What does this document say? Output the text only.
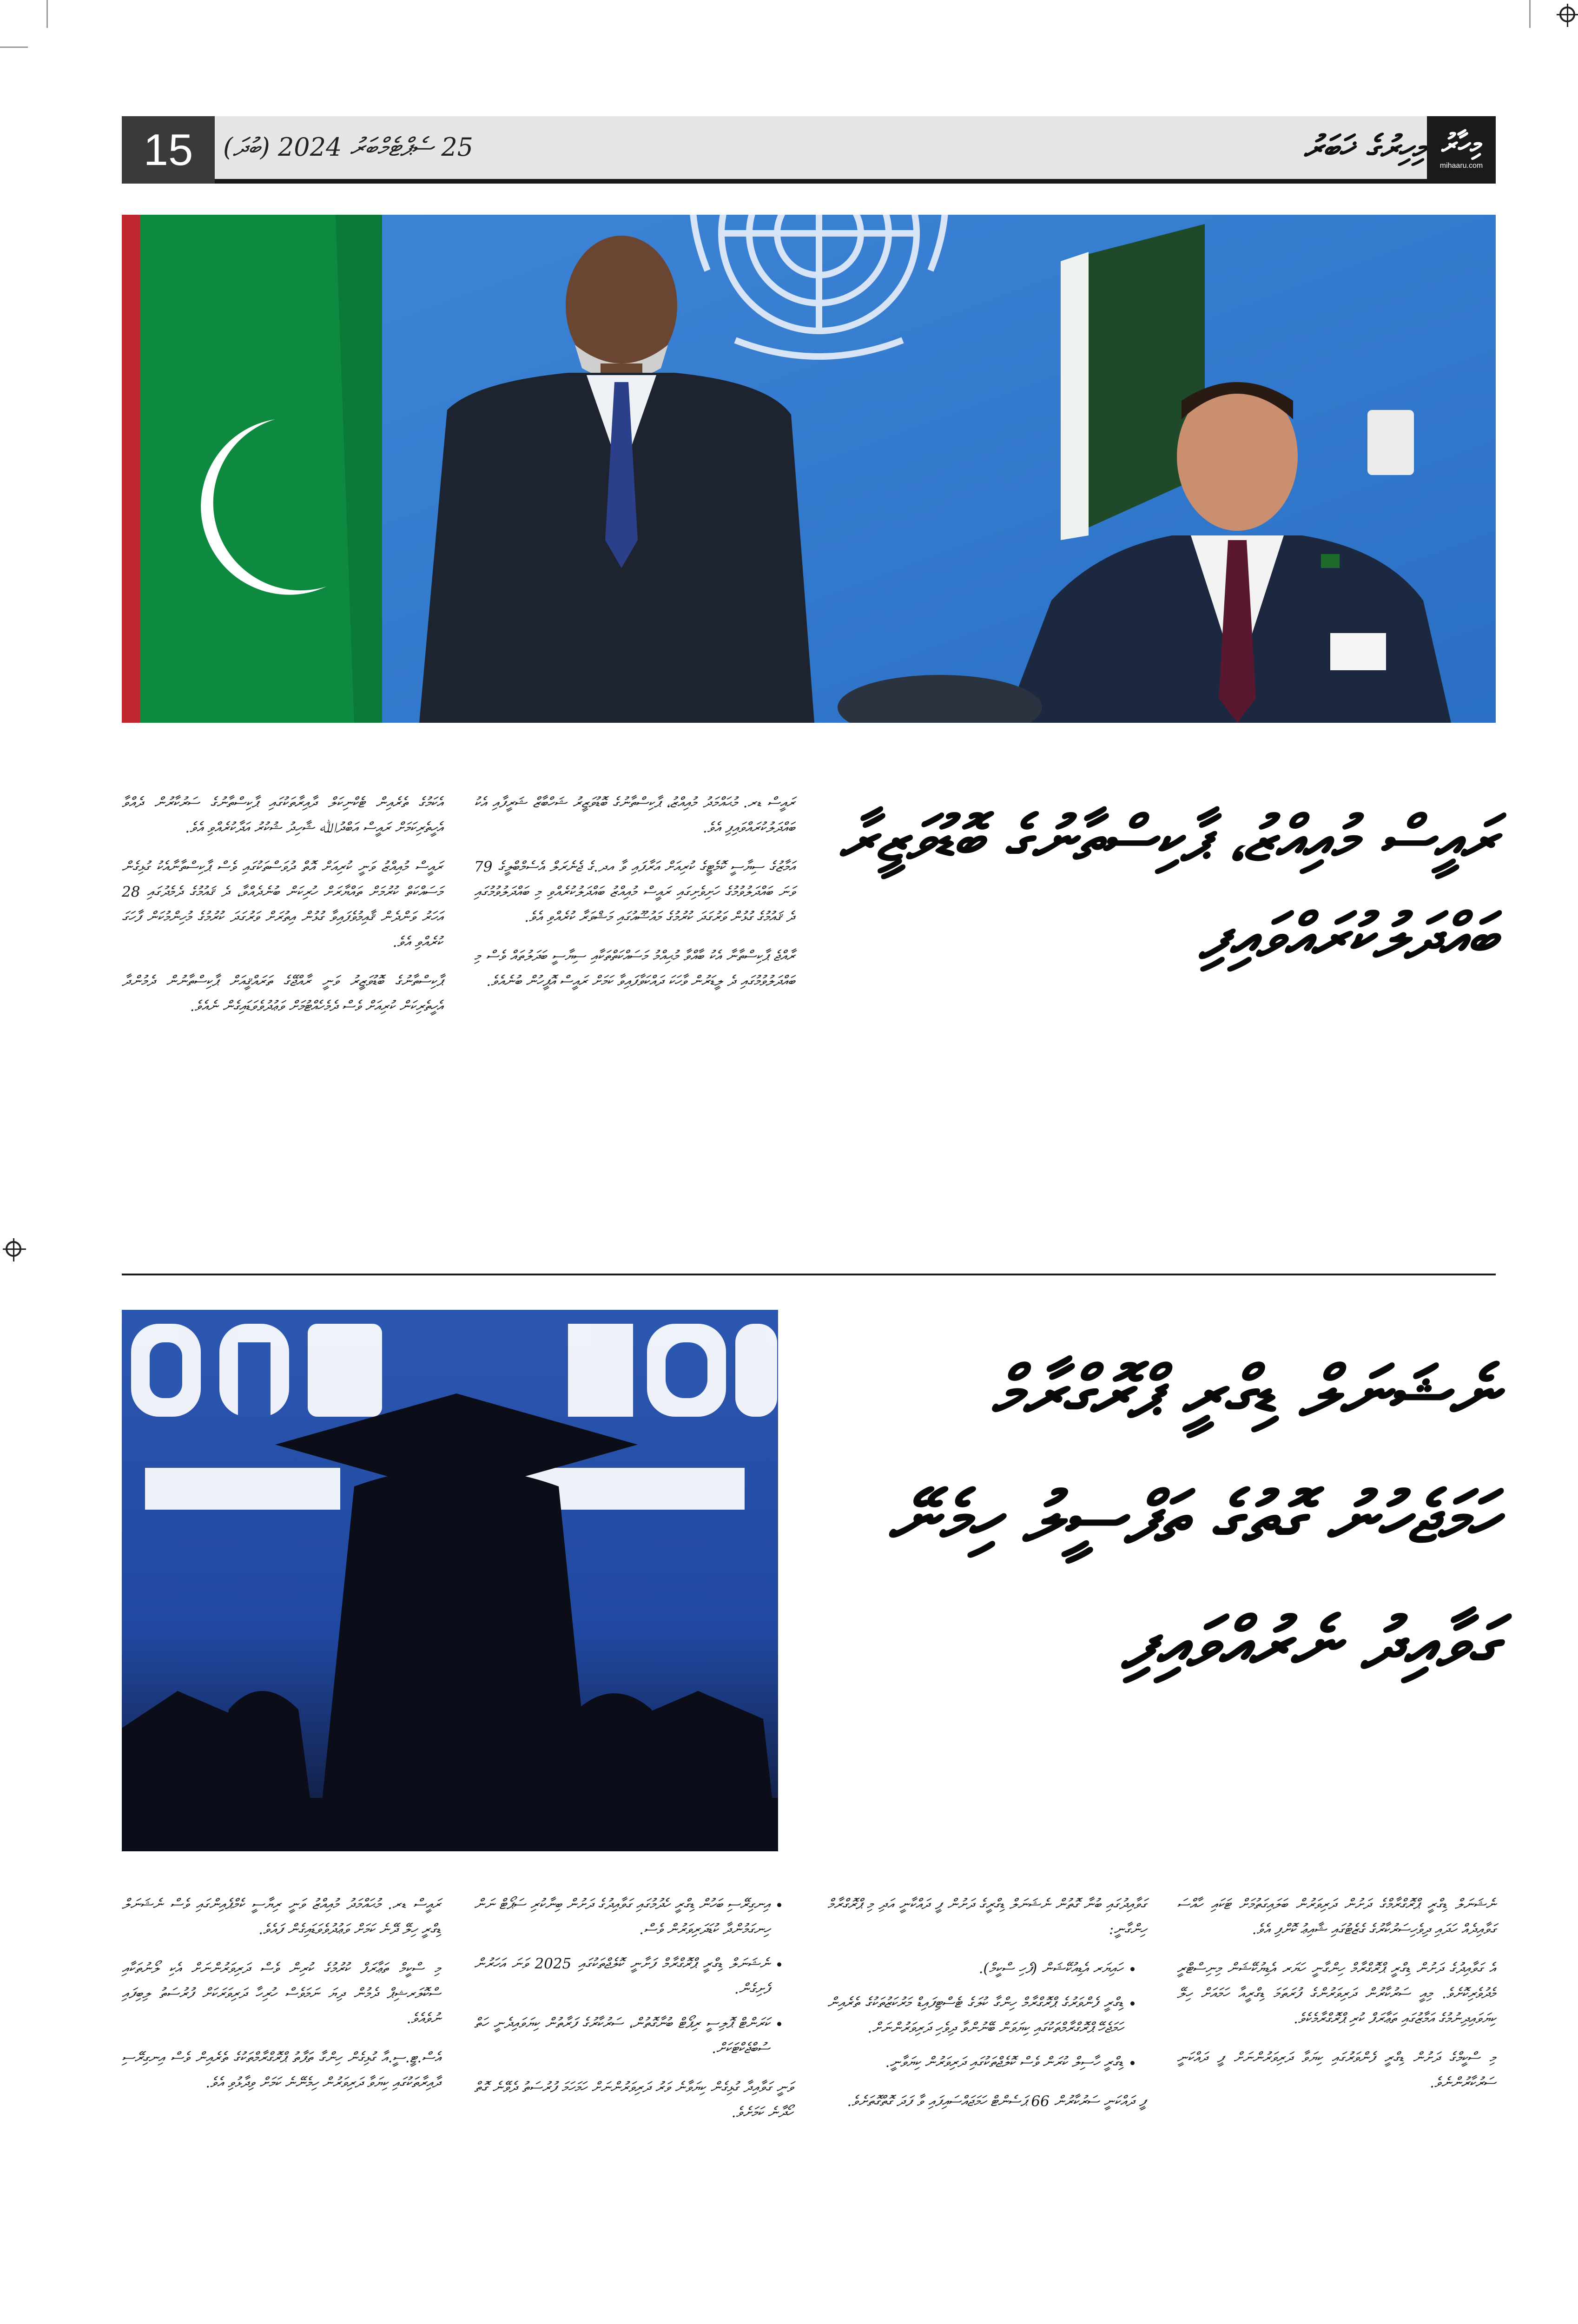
15	25 ސެޕްޓެމްބަރު 2024 (ބުދަ)	މިހިރުގެ ޚަބަރު މިހާރު
mihaaru.com
ރައީސް މުއިއްޒު، ޕާކިސްތާނުގެ ބޮޑުވަޒީރާ ބައްދަލުކުރައްވައިފި

ރައީސް ޑރ. މުޙައްމަދު މުއިއްޒު، ޕާކިސްތާނުގެ ބޮޑުވަޒީރު ޝަހްބާޒް ޝަރީފާއި އެކު ބައްދަލުކުރައްވައިފި އެވެ.

އަމާޒުގެ ސިޔާސީ ކޮމެޓީގެ ކުރިއަށް އަރާފައި ވާ އދ.ގެ ޖެނެރަލް އެސެމްބްލީގެ 79 ވަނަ ބައްދަލުވުމުގެ ހަށިވެށިގައި ރައީސް މުއިއްޒު ބައްދަލުކުރެއްވި މި ބައްދަލުވުމުގައި ދެ ޤައުމުގެ ގުޅުން ވަރުގަދަ ކުރުމުގެ މައުޟޫއުގައި މަޝްވަރާ ކުރެއްވި އެވެ.

ރާއްޖެ ޕާކިސްތާނާ އެކު ބާއްވާ މުޙިއްމު މަސައްކަތްތަކާއި ސިޔާސީ ބަދަލުތައް ވެސް މި ބައްދަލުވުމުގައި ދެ ލީޑަރުން ވާހަކަ ދައްކަވާފައިވާ ކަމަށް ރައީސް އޮފީހުން ބުނެއެވެ.

އެކަމުގެ ތެރެއިން ޓެކްނިކަލް ދާއިރާތަކުގައި ޕާކިސްތާނުގެ ސަރުކާރުން ދެއްވާ އެހީތެރިކަމަށް ރައީސް އަބްދުﷲ ޝާހިދު ޝުކުރު އަދާކުރެއްވި އެވެ.

ރައީސް މުއިއްޒު ވަނީ ކުރިއަށް އޮތް ދުވަސްތަކުގައި ވެސް ޕާކިސްތާނާއެކު ގުޅިގެން މަސައްކަތް ކުރުމަށް ތައްޔާރަށް ހުރިކަން ބުނެދެއްވާ، ދެ ޤައުމުގެ ދެމެދުގައި 28 އަހަރު ވަންދެން ޤާއިމުވެފައިވާ ގުޅުން އިތުރަށް ވަރުގަދަ ކުރުމުގެ މުހިންމުކަން ފާހަގަ ކުރެއްވި އެވެ.

ޕާކިސްތާނުގެ ބޮޑުވަޒީރު ވަނީ ރާއްޖޭގެ ތަރައްޤީއަށް ޕާކިސްތާނުން ދެމުންދާ އެހީތެރިކަން ކުރިއަށް ވެސް ދެމެހެއްޓުމަށް ވަޢުދުވެވަޑައިގެން ނެއެވެ.

ނެޝަނަލް ޑިގްރީ ޕްރޮގްރާމް ހަމަޖެހުނު ގޮތުގެ ތަފްސީލު ހިމެނޭ ގަވާއިދު ނެރުއްވައިފި

ނެޝަނަލް ޑިގްރީ ޕްރޮގްރާމްގެ ދަށުން ދަރިވަރުން ބަލައިގަތުމަށް ޓަކައި ހާއްސަ ގަވާއިދެއް ހަދައި ދިވެހިސަރުކާރުގެ ގެޒެޓުގައި ޝާއިޢު ކޮށްފި އެވެ.

އެ ގަވާއިދުގެ ދަށުން ޑިގްރީ ޕްރޮގްރާމް ހިންގާނީ ހަޔަރ އެޑިޔުކޭޝަން މިނިސްޓްރީ މެދުވެރިކޮށެވެ. މިއީ ސަރުކާރުން ދަރިވަރުންގެ ފުރަތަމަ ޑިގްރީއާ ހަމައަށް ހިލޭ ކިޔަވައިދިނުމުގެ އަމާޒުގައި ތަޢާރަފް ކުރި ޕްރޮގްރާމެކެވެ.

މި ސްކީމްގެ ދަށުން ޑިގްރީ ފެންވަރުގައި ކިޔަވާ ދަރިވަރުންނަށް ފީ ދައްކަނީ ސަރުކާރުންނެވެ.

ގަވާއިދުގައި ބުނާ ގޮތުން ނެޝަނަލް ޑިގްރީގެ ދަށުން ފީ ދައްކާނީ އަދި މި ޕްރޮގްރާމް ހިންގާނީ:

• ހައިޔަރ އެޑިއުކޭޝަން (ފެހި ސްކީމް).
• ޑިގްރީ ފެންވަރުގެ ޕްރޮގްރާމް ހިންގާ ކުލަގެ ޓެސްޓިފައިޑް މަރުކަޒުތަކުގެ ތެރެއިން ހަމަޖެހޭ ޕްރޮގްރާމްތަކުގައި ކިޔަވަން ބޭނުންވާ ދިވެހި ދަރިވަރުންނަށް.
• ޑިގްރީ ހާސިލް ކުރަން ވެސް ކޮލެޖްތަކުގައި ދަރިވަރުން ކިޔަވާނީ.

ފީ ދައްކަނީ ސަރުކާރުން 66 ޕަސެންޓް ހަމަޖައްސައިފައި ވާ ފަދަ ގޮތްގޮތަށެވެ.

• އިނގިރޭސި ބަހުން ޑިގްރީ ހެދުމުގައި ގަވާއިދުގެ ދަށުން ބިނާކުރި ސަޕޯޓް ނަން ހިނގަމުންދާ ކުޑަދަރިވަރުން ވެސް.
• ނެޝަނަލް ޑިގްރީ ޕްރޮގްރާމް ފަށާނީ ކޮލެޖްތަކުގައި 2025 ވަނަ އަހަރުން ފެށިގެން.
• ކަރަންޓް ޕޮލިސީ ރިޕޯޓް ބުނާގޮތުން، ސަރުކާރުގެ ފަރާތުން ކިޔަވައިދެނީ ހަތް ސުބްޖެކްޓަކަށް.

ވަނީ ގަވާއިދާ ގުޅިގެން ކިޔަވާނެ ވަރު ދަރިވަރުންނަށް ހަމަހަމަ ފުރުސަތު ދެވޭނެ ގޮތް ހޯދާނެ ކަމަށެވެ.

ރައީސް ޑރ. މުޙައްމަދު މުއިއްޒު ވަނީ ރިޔާސީ ކެމްޕެއިންގައި ވެސް ނެޝަނަލް ޑިގްރީ ހިލޭ ދޭނެ ކަމަށް ވަޢުދުވެވަޑައިގެން ފައެވެ.

މި ސްކީމް ތަޢާރަފް ކުރުމުގެ ކުރިން ވެސް ދަރިވަރުންނަށް އެކި ލޯނުތަކާއި ސްކޮލަރޝިޕް ދެމުން ދިޔަ ނަމަވެސް ހުރިހާ ދަރިވަރަކަށް ފުރުސަތު ލިބިފައި ނުވެއެވެ.

އެސް.ޓީ.ސީ.އާ ގުޅިގެން ހިންގާ ތަފާތު ޕްރޮގްރާމްތަކުގެ ތެރެއިން ވެސް އިނގިރޭސި ދާއިރާތަކުގައި ކިޔަވާ ދަރިވަރުން ހިމެނޭނެ ކަމަށް ވިދާޅުވި އެވެ.
